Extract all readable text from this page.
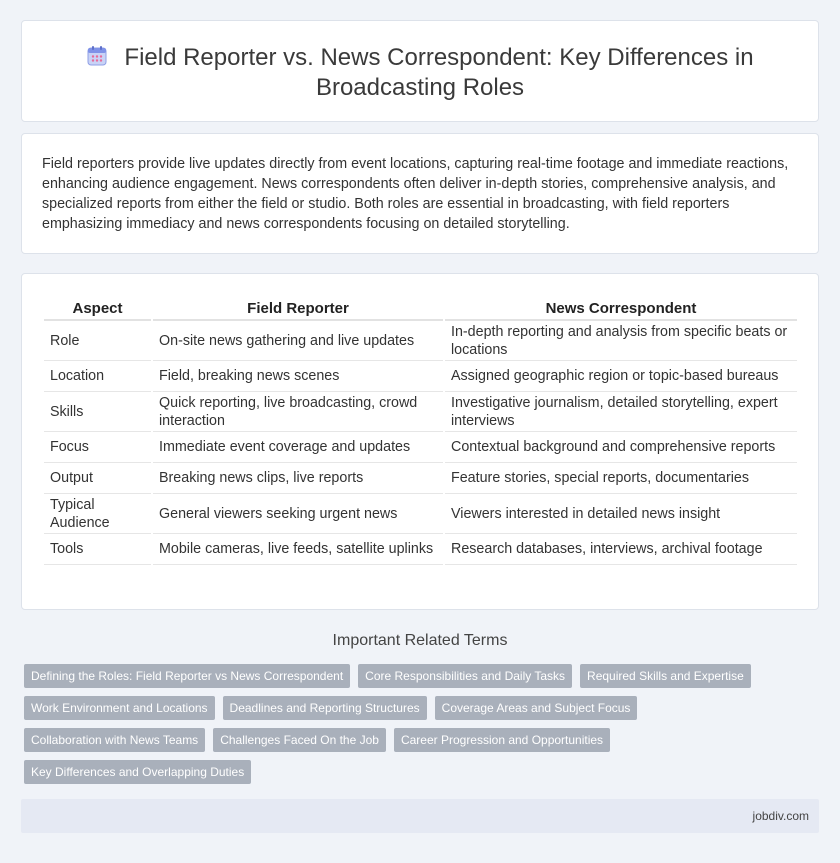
Field Reporter vs. News Correspondent: Key Differences in Broadcasting Roles

Field reporters provide live updates directly from event locations, capturing real-time footage and immediate reactions, enhancing audience engagement. News correspondents often deliver in-depth stories, comprehensive analysis, and specialized reports from either the field or studio. Both roles are essential in broadcasting, with field reporters emphasizing immediacy and news correspondents focusing on detailed storytelling.

Aspect	Field Reporter	News Correspondent
Role	On-site news gathering and live updates	In-depth reporting and analysis from specific beats or locations
Location	Field, breaking news scenes	Assigned geographic region or topic-based bureaus
Skills	Quick reporting, live broadcasting, crowd interaction	Investigative journalism, detailed storytelling, expert interviews
Focus	Immediate event coverage and updates	Contextual background and comprehensive reports
Output	Breaking news clips, live reports	Feature stories, special reports, documentaries
Typical Audience	General viewers seeking urgent news	Viewers interested in detailed news insight
Tools	Mobile cameras, live feeds, satellite uplinks	Research databases, interviews, archival footage
Important Related Terms
Defining the Roles: Field Reporter vs News Correspondent	Core Responsibilities and Daily Tasks	Required Skills and Expertise
Work Environment and Locations	Deadlines and Reporting Structures	Coverage Areas and Subject Focus
Collaboration with News Teams	Challenges Faced On the Job	Career Progression and Opportunities
Key Differences and Overlapping Duties
jobdiv.com
